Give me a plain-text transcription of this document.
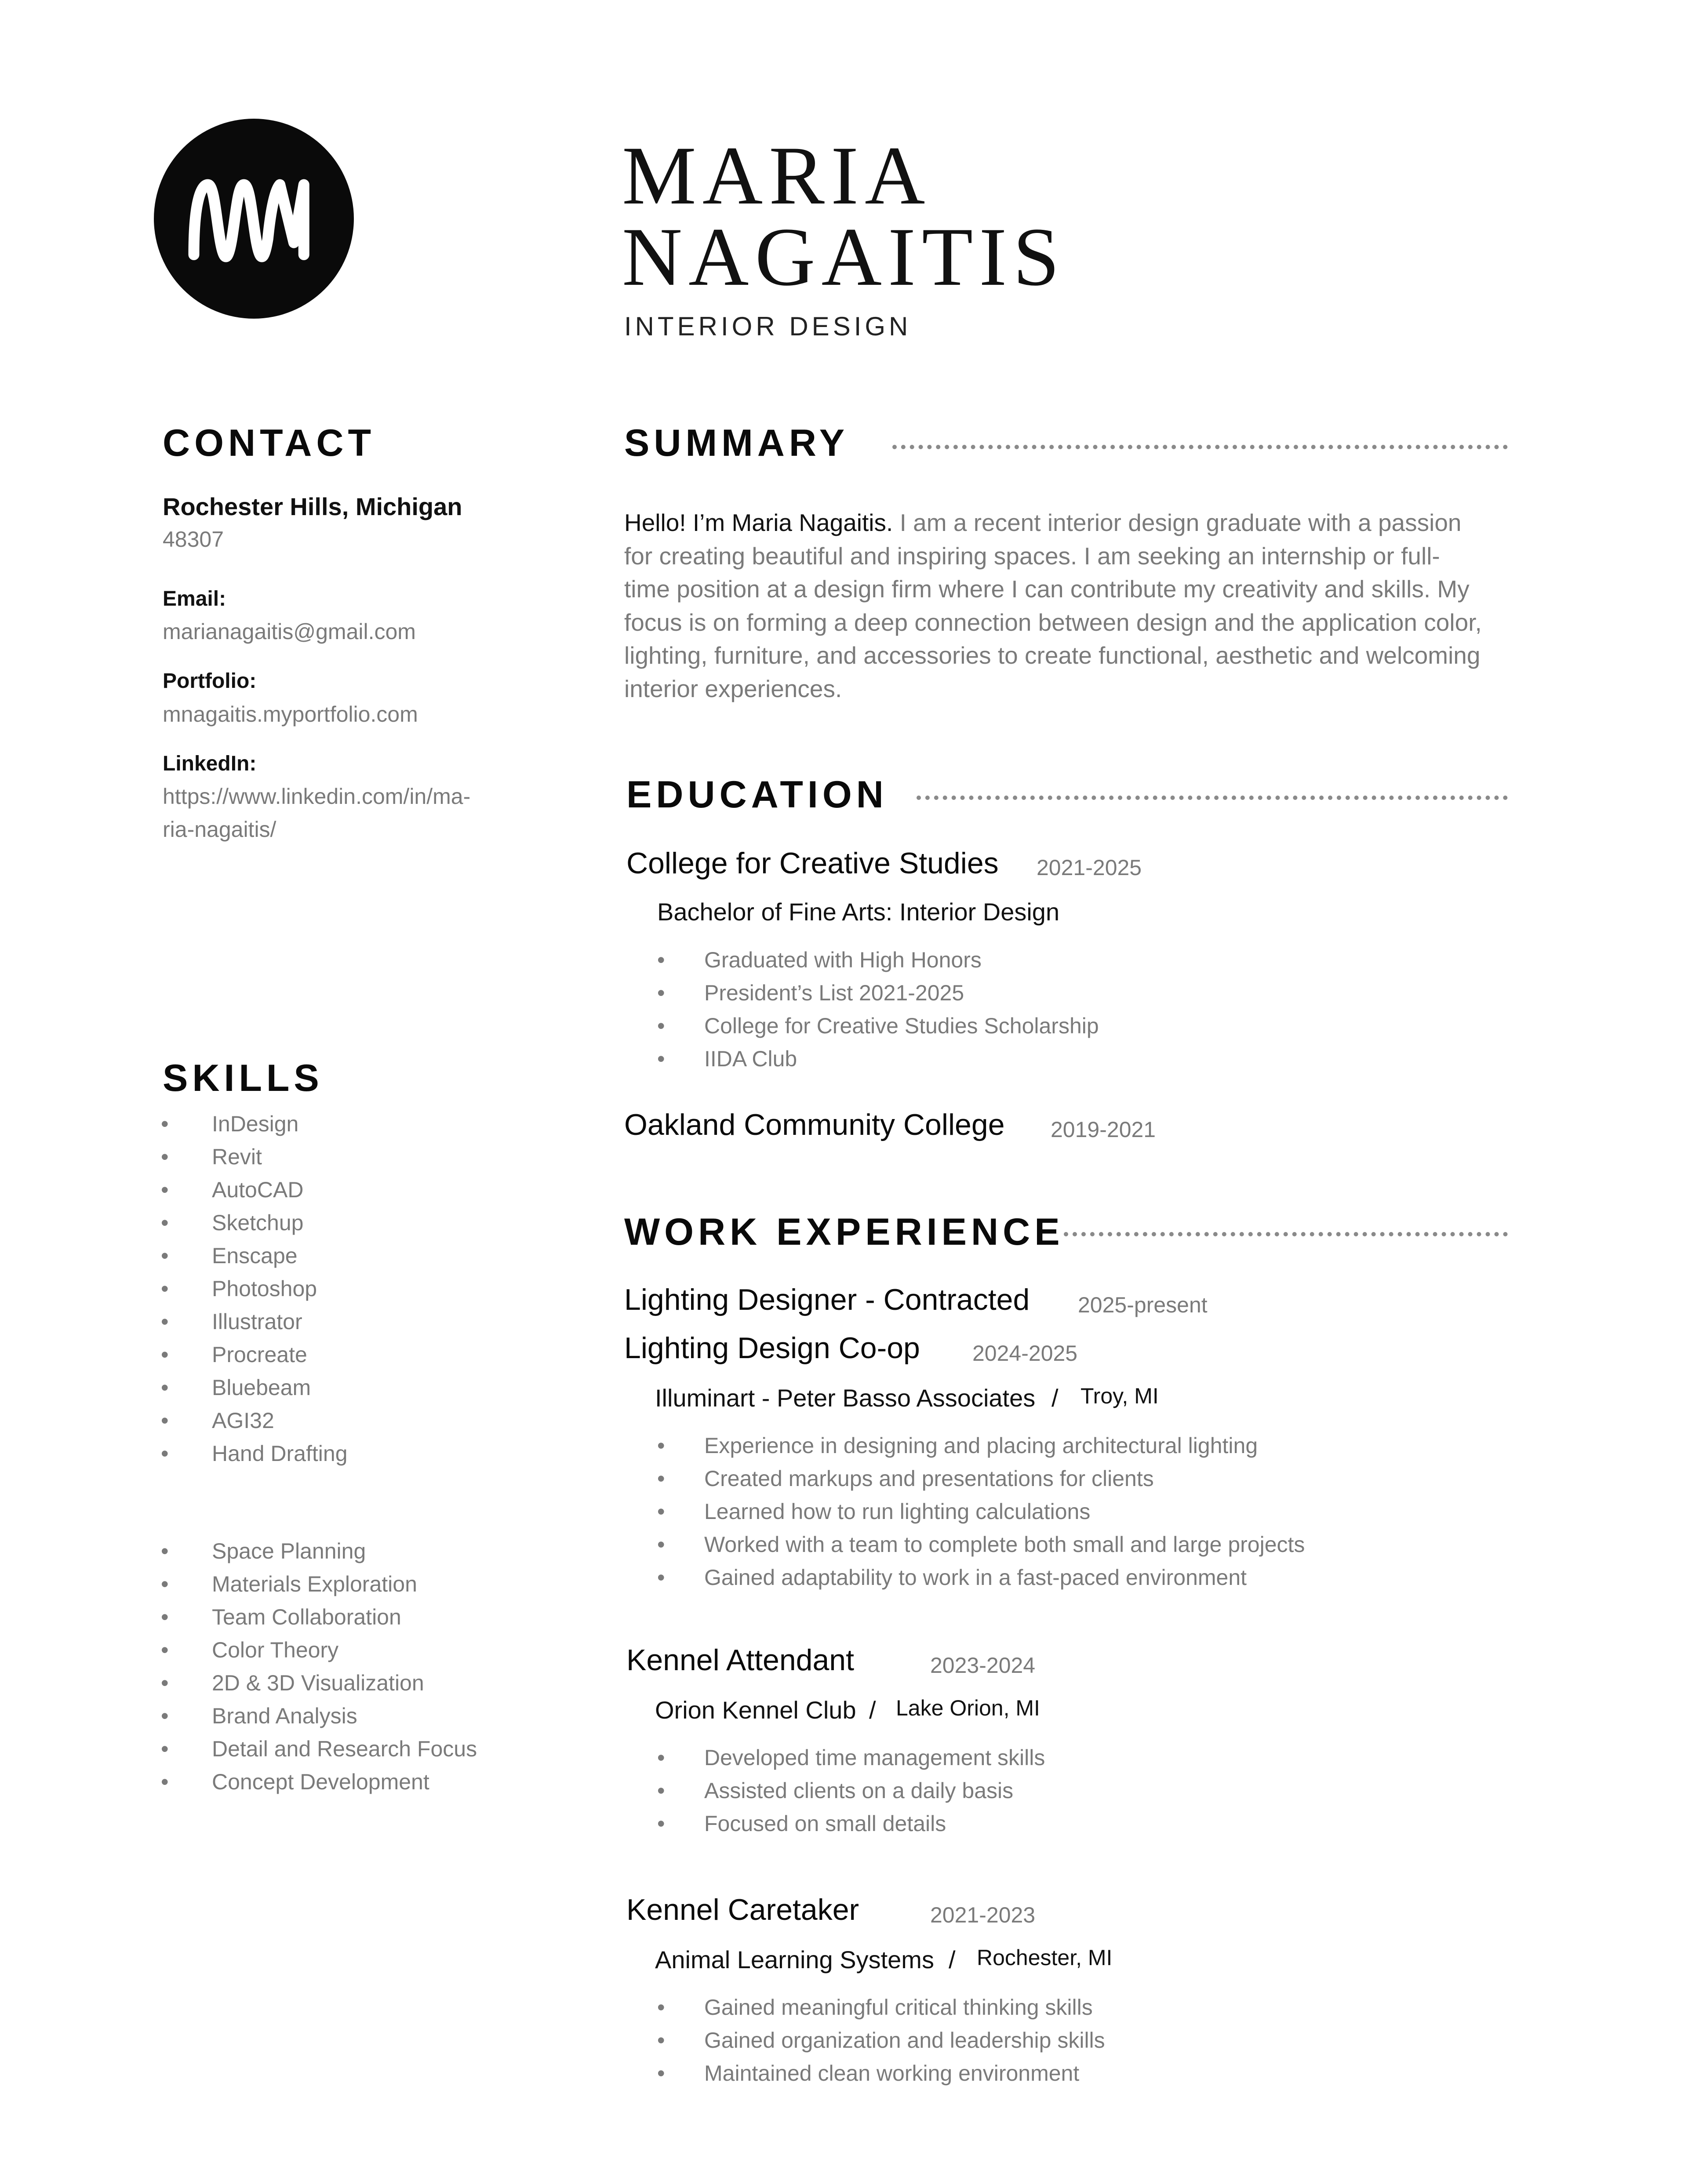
MARIA
NAGAITIS
INTERIOR DESIGN
CONTACT
Rochester Hills, Michigan
48307
Email:
marianagaitis@gmail.com
Portfolio:
mnagaitis.myportfolio.com
LinkedIn:
https://www.linkedin.com/in/ma-
ria-nagaitis/
SKILLS
• InDesign
• Revit
• AutoCAD
• Sketchup
• Enscape
• Photoshop
• Illustrator
• Procreate
• Bluebeam
• AGI32
• Hand Drafting
• Space Planning
• Materials Exploration
• Team Collaboration
• Color Theory
• 2D & 3D Visualization
• Brand Analysis
• Detail and Research Focus
• Concept Development
SUMMARY
Hello! I’m Maria Nagaitis. I am a recent interior design graduate with a passion
for creating beautiful and inspiring spaces. I am seeking an internship or full-
time position at a design firm where I can contribute my creativity and skills. My
focus is on forming a deep connection between design and the application color,
lighting, furniture, and accessories to create functional, aesthetic and welcoming
interior experiences.
EDUCATION
College for Creative Studies 2021-2025
Bachelor of Fine Arts: Interior Design
• Graduated with High Honors
• President’s List 2021-2025
• College for Creative Studies Scholarship
• IIDA Club
Oakland Community College 2019-2021
WORK EXPERIENCE
Lighting Designer - Contracted 2025-present
Lighting Design Co-op 2024-2025
Illuminart - Peter Basso Associates / Troy, MI
• Experience in designing and placing architectural lighting
• Created markups and presentations for clients
• Learned how to run lighting calculations
• Worked with a team to complete both small and large projects
• Gained adaptability to work in a fast-paced environment
Kennel Attendant	2023-2024
Orion Kennel Club / Lake Orion, MI
• Developed time management skills
• Assisted clients on a daily basis
• Focused on small details
Kennel Caretaker	2021-2023
Animal Learning Systems / Rochester, MI
• Gained meaningful critical thinking skills
• Gained organization and leadership skills
• Maintained clean working environment
